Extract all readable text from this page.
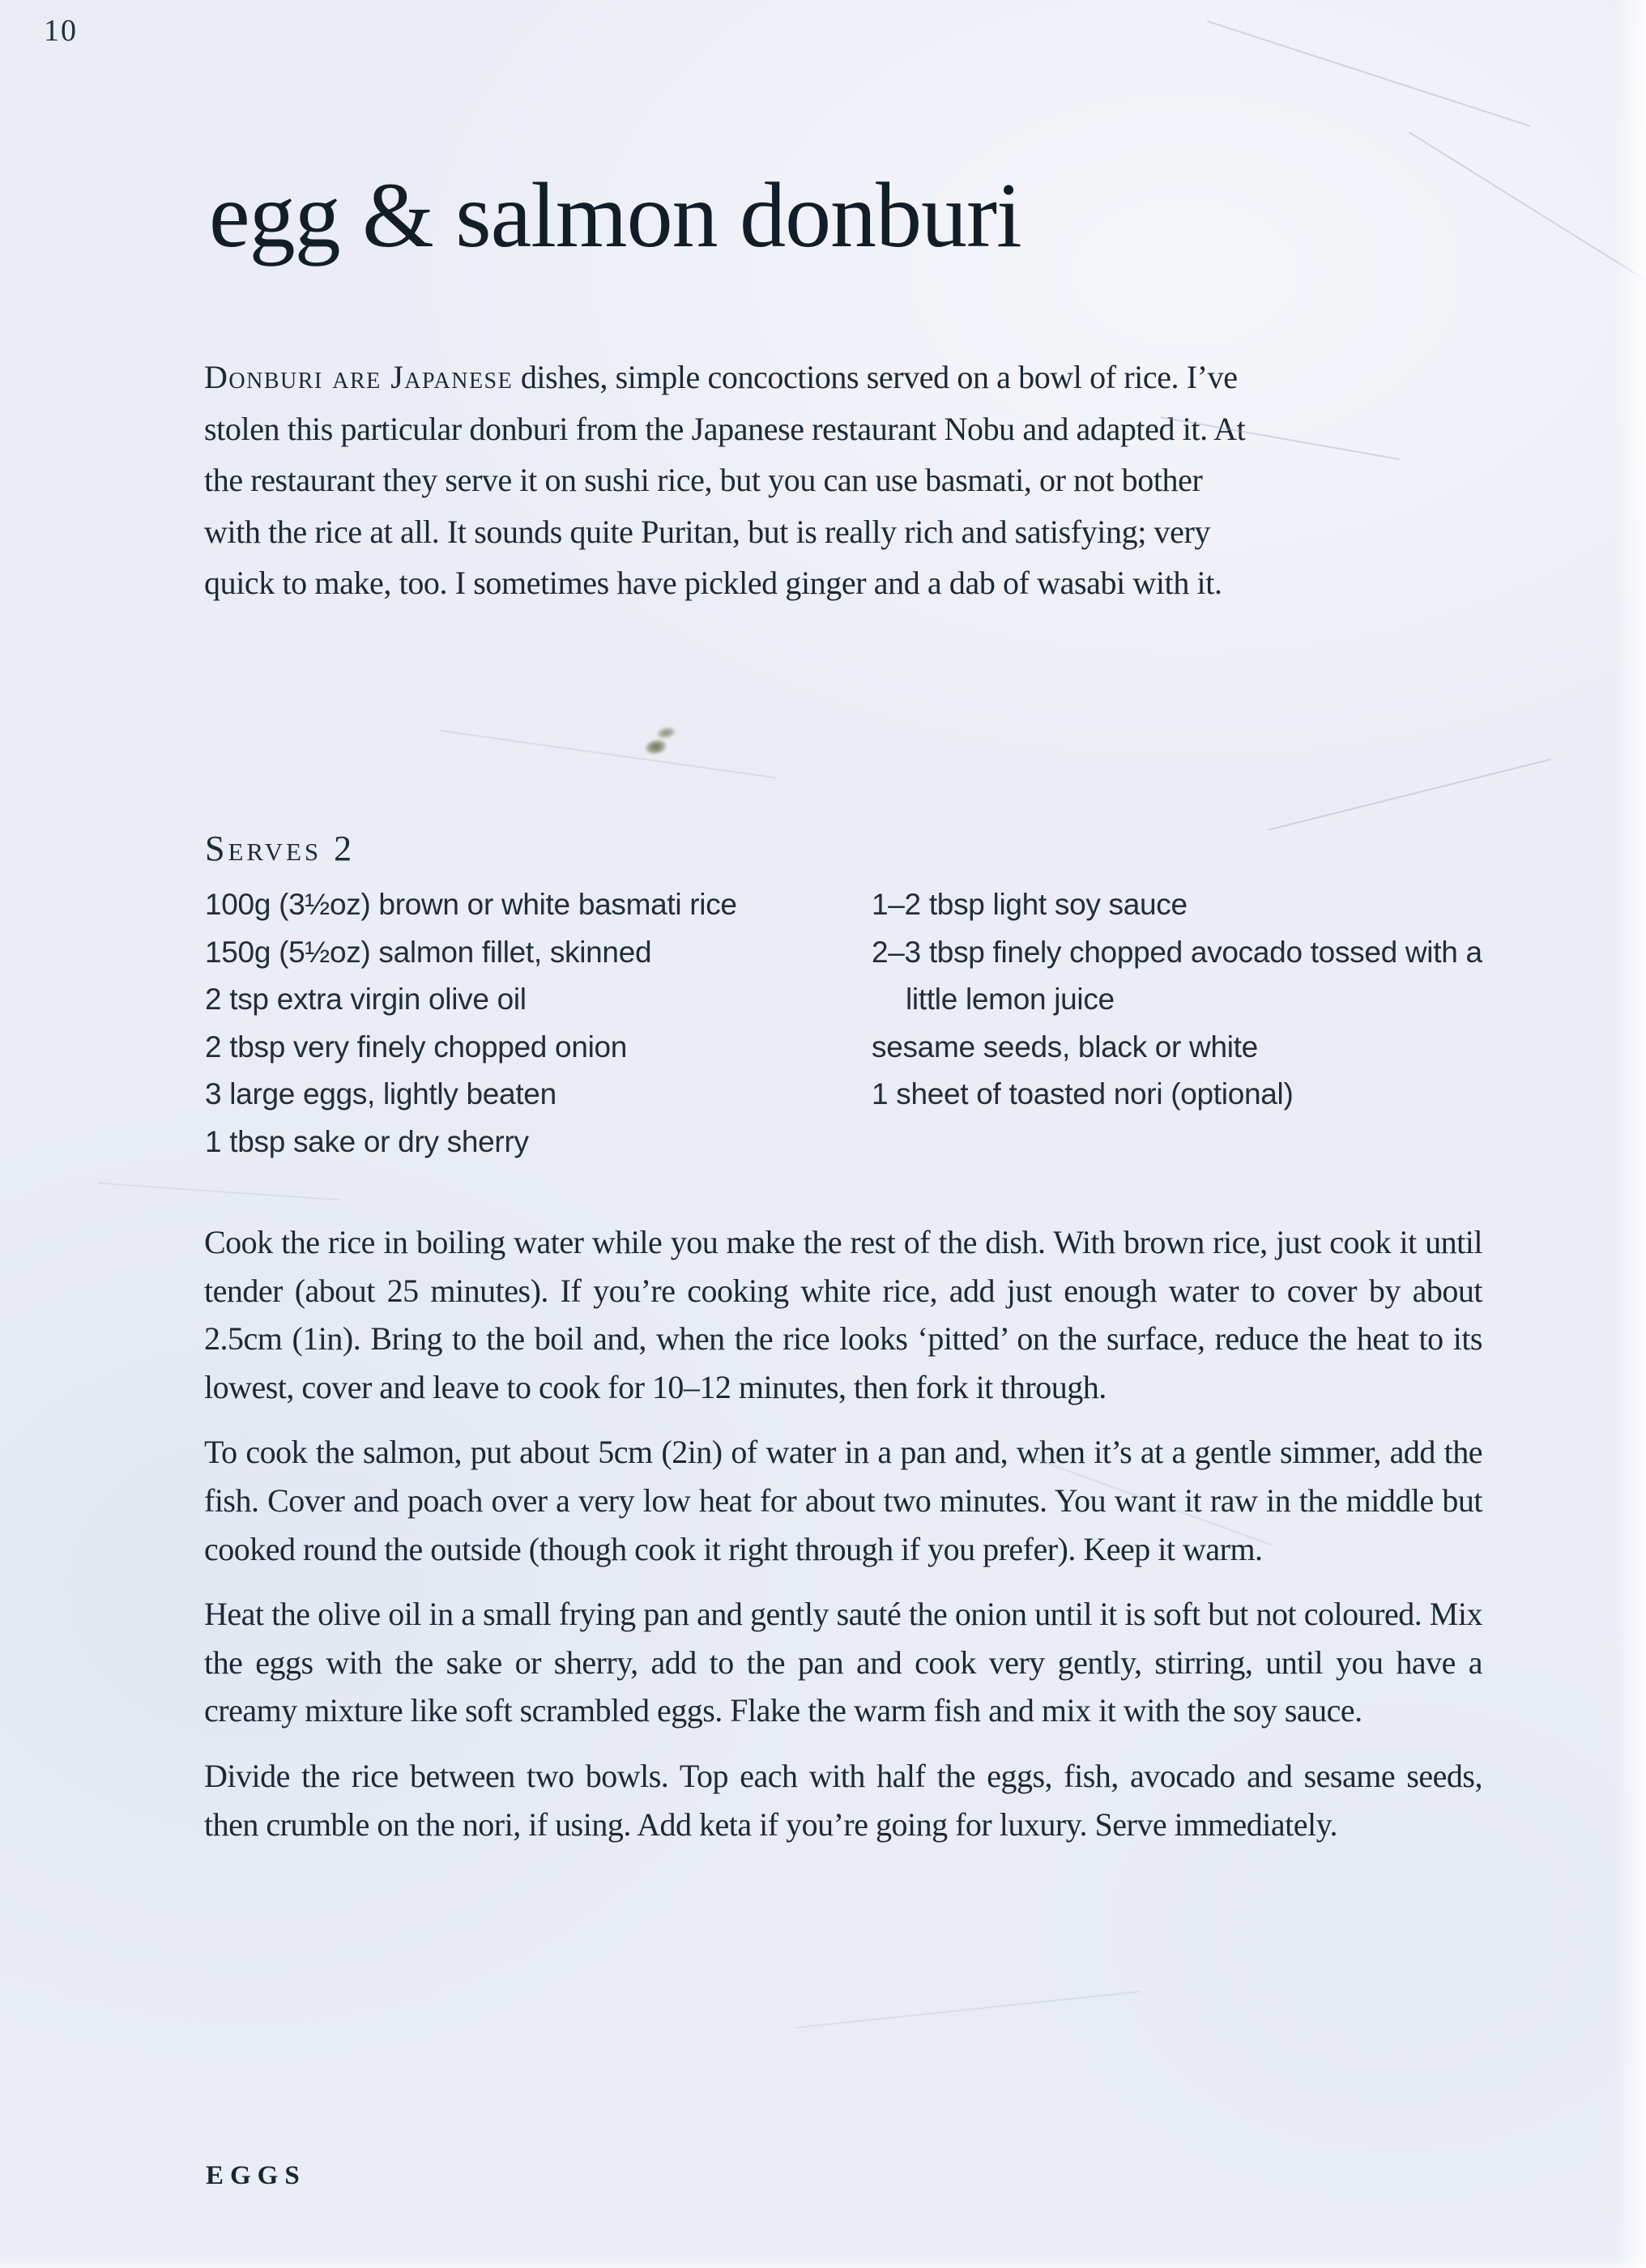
10
egg & salmon donburi

Donburi are Japanese dishes, simple concoctions served on a bowl of rice. I’ve stolen this particular donburi from the Japanese restaurant Nobu and adapted it. At the restaurant they serve it on sushi rice, but you can use basmati, or not bother with the rice at all. It sounds quite Puritan, but is really rich and satisfying; very quick to make, too. I sometimes have pickled ginger and a dab of wasabi with it.

Serves 2
100g (3½oz) brown or white basmati rice
150g (5½oz) salmon fillet, skinned
2 tsp extra virgin olive oil
2 tbsp very finely chopped onion
3 large eggs, lightly beaten
1 tbsp sake or dry sherry
1–2 tbsp light soy sauce
2–3 tbsp finely chopped avocado tossed with a little lemon juice
sesame seeds, black or white
1 sheet of toasted nori (optional)

Cook the rice in boiling water while you make the rest of the dish. With brown rice, just cook it until tender (about 25 minutes). If you’re cooking white rice, add just enough water to cover by about 2.5cm (1in). Bring to the boil and, when the rice looks ‘pitted’ on the surface, reduce the heat to its lowest, cover and leave to cook for 10–12 minutes, then fork it through.

To cook the salmon, put about 5cm (2in) of water in a pan and, when it’s at a gentle simmer, add the fish. Cover and poach over a very low heat for about two minutes. You want it raw in the middle but cooked round the outside (though cook it right through if you prefer). Keep it warm.

Heat the olive oil in a small frying pan and gently sauté the onion until it is soft but not coloured. Mix the eggs with the sake or sherry, add to the pan and cook very gently, stirring, until you have a creamy mixture like soft scrambled eggs. Flake the warm fish and mix it with the soy sauce.

Divide the rice between two bowls. Top each with half the eggs, fish, avocado and sesame seeds, then crumble on the nori, if using. Add keta if you’re going for luxury. Serve immediately.

EGGS
